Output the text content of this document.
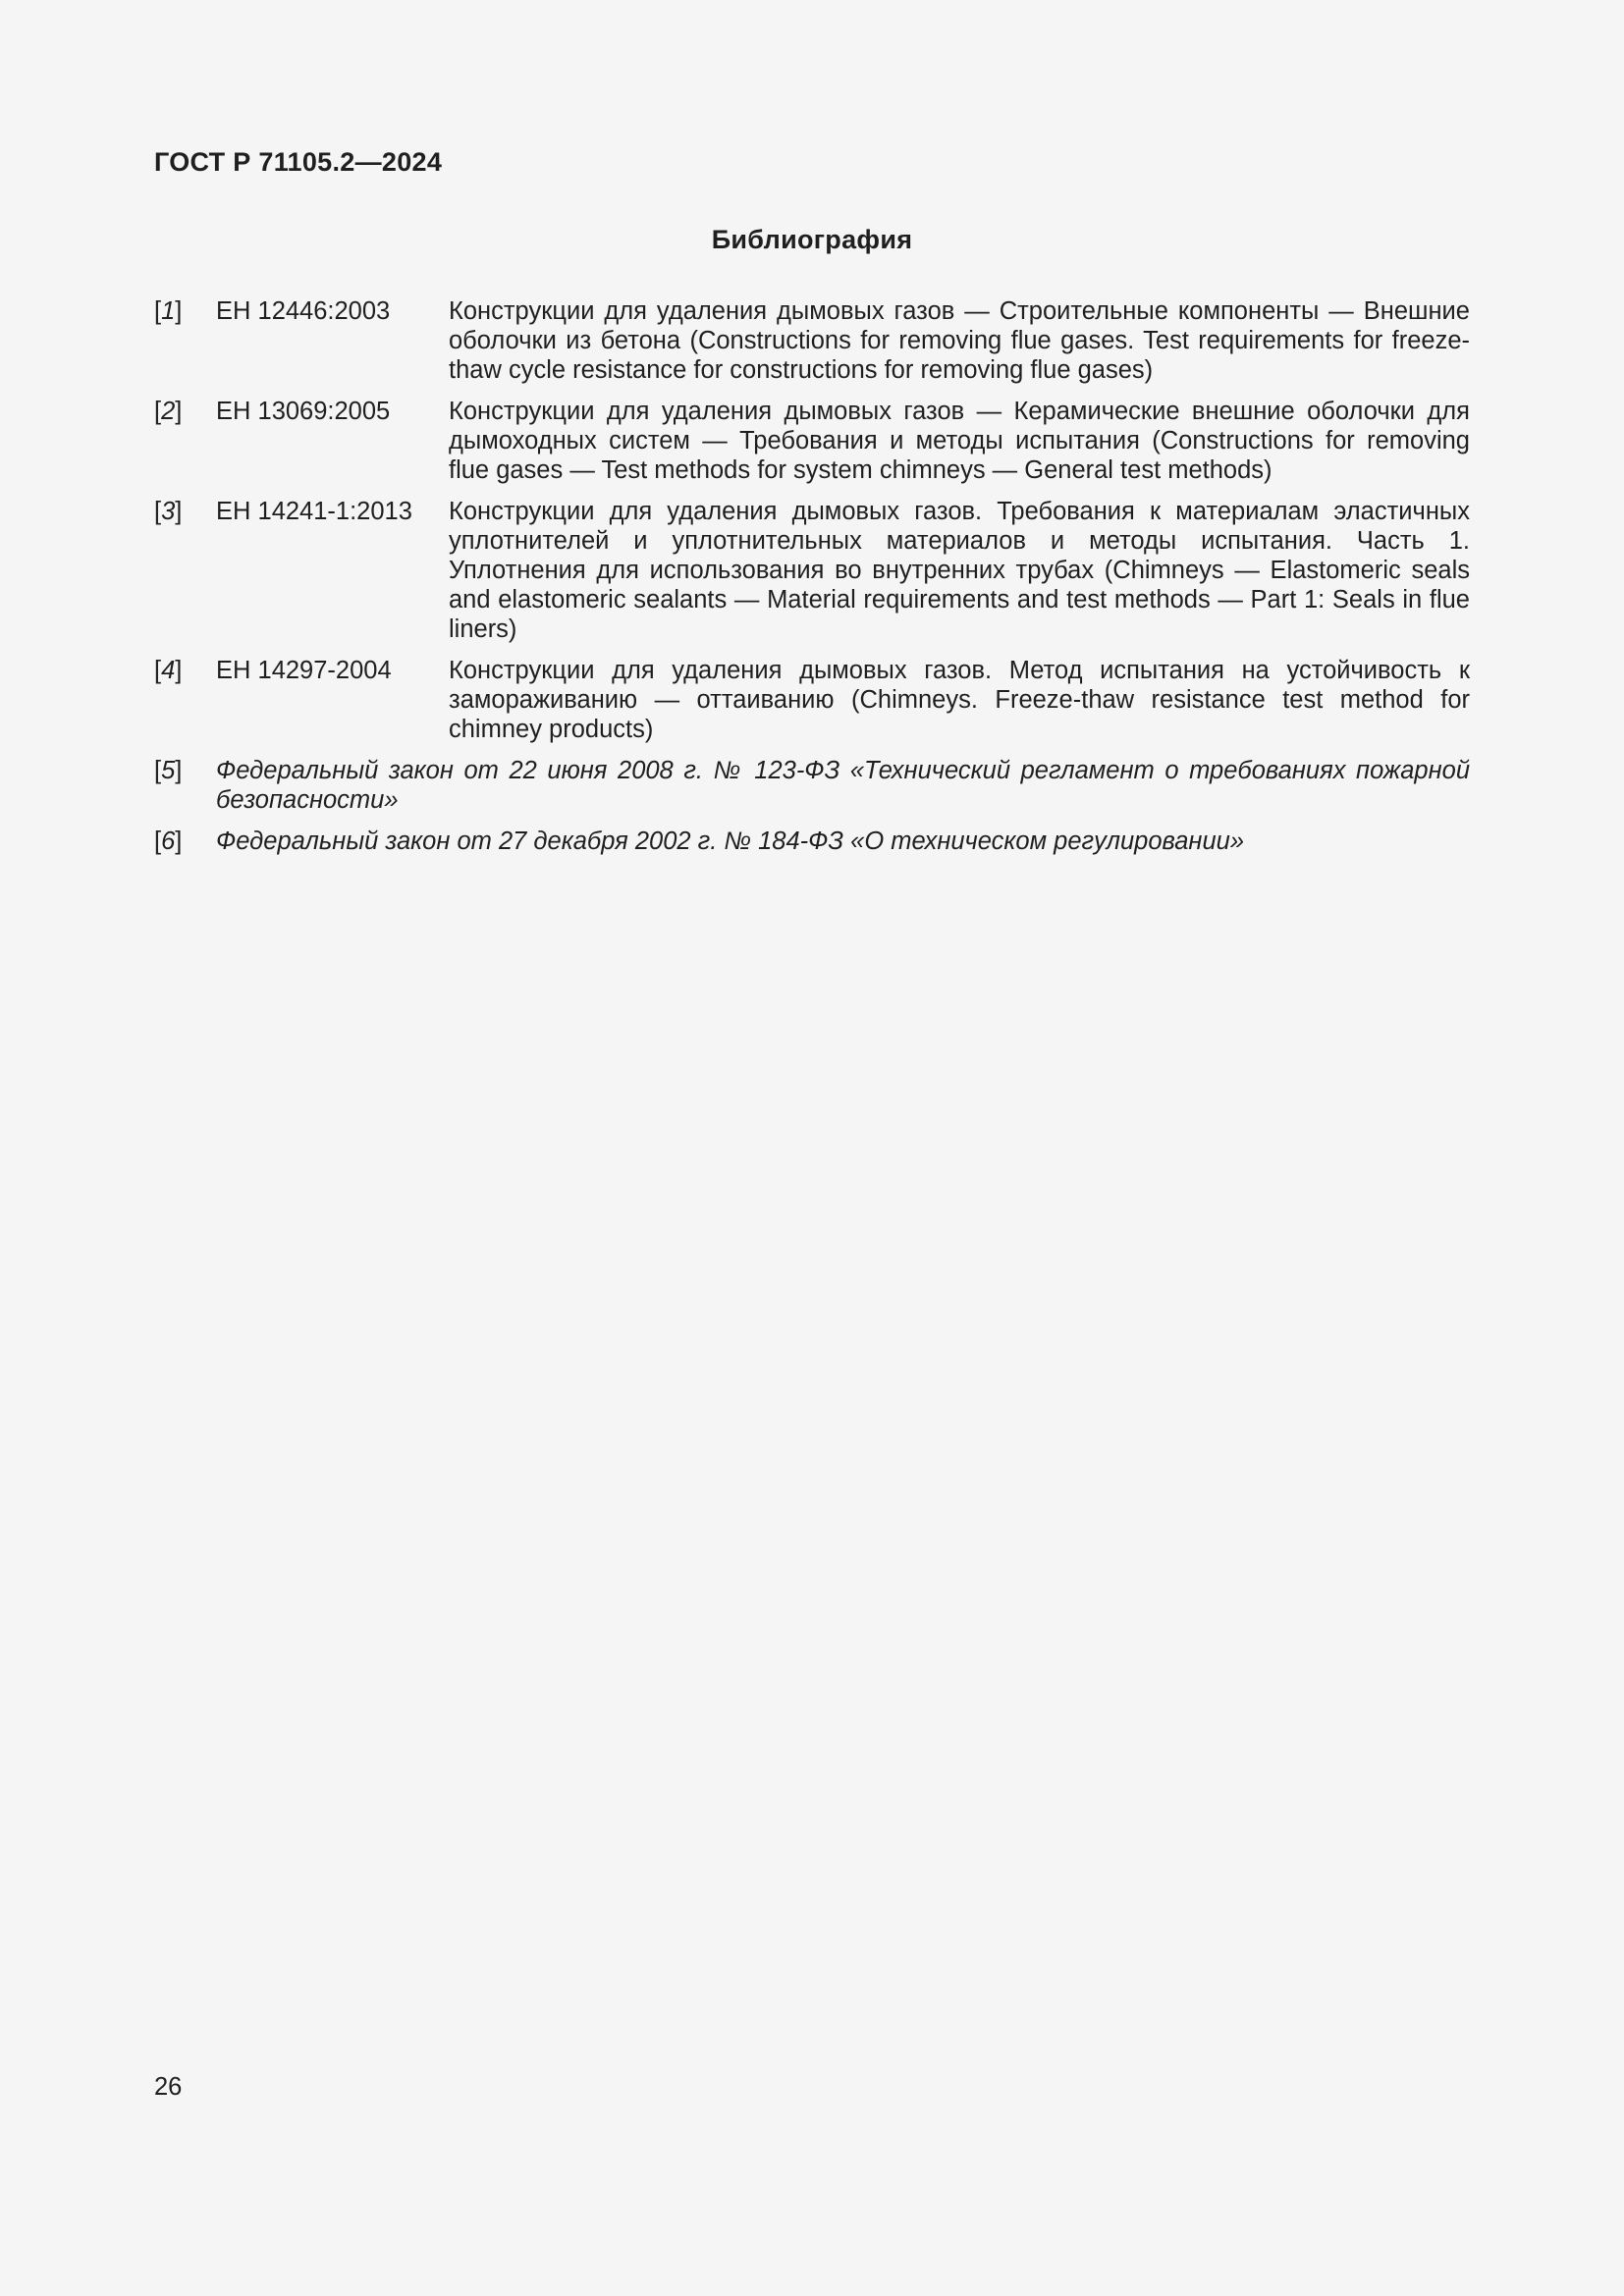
ГОСТ Р 71105.2—2024
Библиография
[1]	ЕН 12446:2003	Конструкции для удаления дымовых газов — Строительные компоненты — Внешние оболочки из бетона (Constructions for removing flue gases. Test requirements for freeze-thaw cycle resistance for constructions for removing flue gases)
[2]	ЕН 13069:2005	Конструкции для удаления дымовых газов — Керамические внешние оболочки для дымоходных систем — Требования и методы испытания (Constructions for removing flue gases — Test methods for system chimneys — General test methods)
[3]	ЕН 14241-1:2013	Конструкции для удаления дымовых газов. Требования к материалам эластичных уплотнителей и уплотнительных материалов и методы испытания. Часть 1. Уплотнения для использования во внутренних трубах (Chimneys — Elastomeric seals and elastomeric sealants — Material requirements and test methods — Part 1: Seals in flue liners)
[4]	ЕН 14297-2004	Конструкции для удаления дымовых газов. Метод испытания на устойчивость к замораживанию — оттаиванию (Chimneys. Freeze-thaw resistance test method for chimney products)
[5]	Федеральный закон от 22 июня 2008 г. № 123-ФЗ «Технический регламент о требованиях пожарной безопасности»
[6]	Федеральный закон от 27 декабря 2002 г. № 184-ФЗ «О техническом регулировании»

26
